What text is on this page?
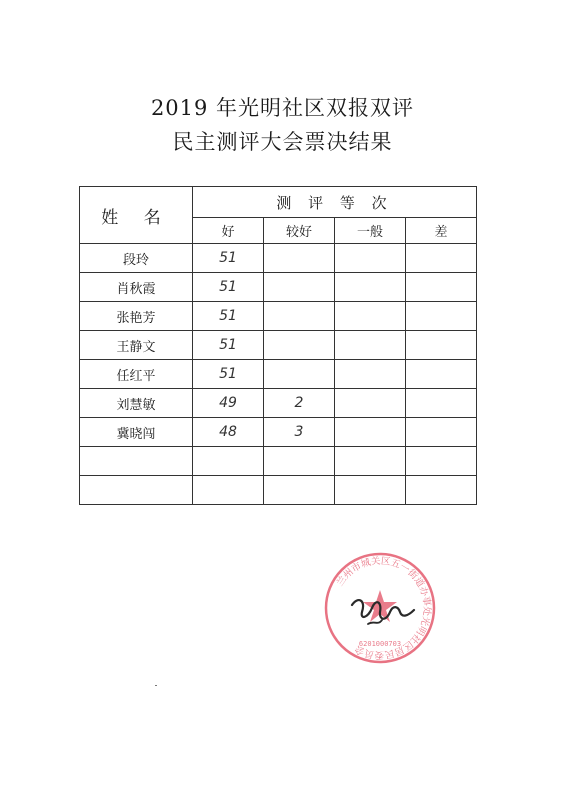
2019 年光明社区双报双评
民主测评大会票决结果
姓 名	测 评 等 次			
	好	较好	一般	差
段玲	51			
肖秋霞	51			
张艳芳	51			
王静文	51			
任红平	51			
刘慧敏	49	2		
冀晓闯	48	3		

兰州市城关区五一街道办事处光明社区居民委员会
6201000703
